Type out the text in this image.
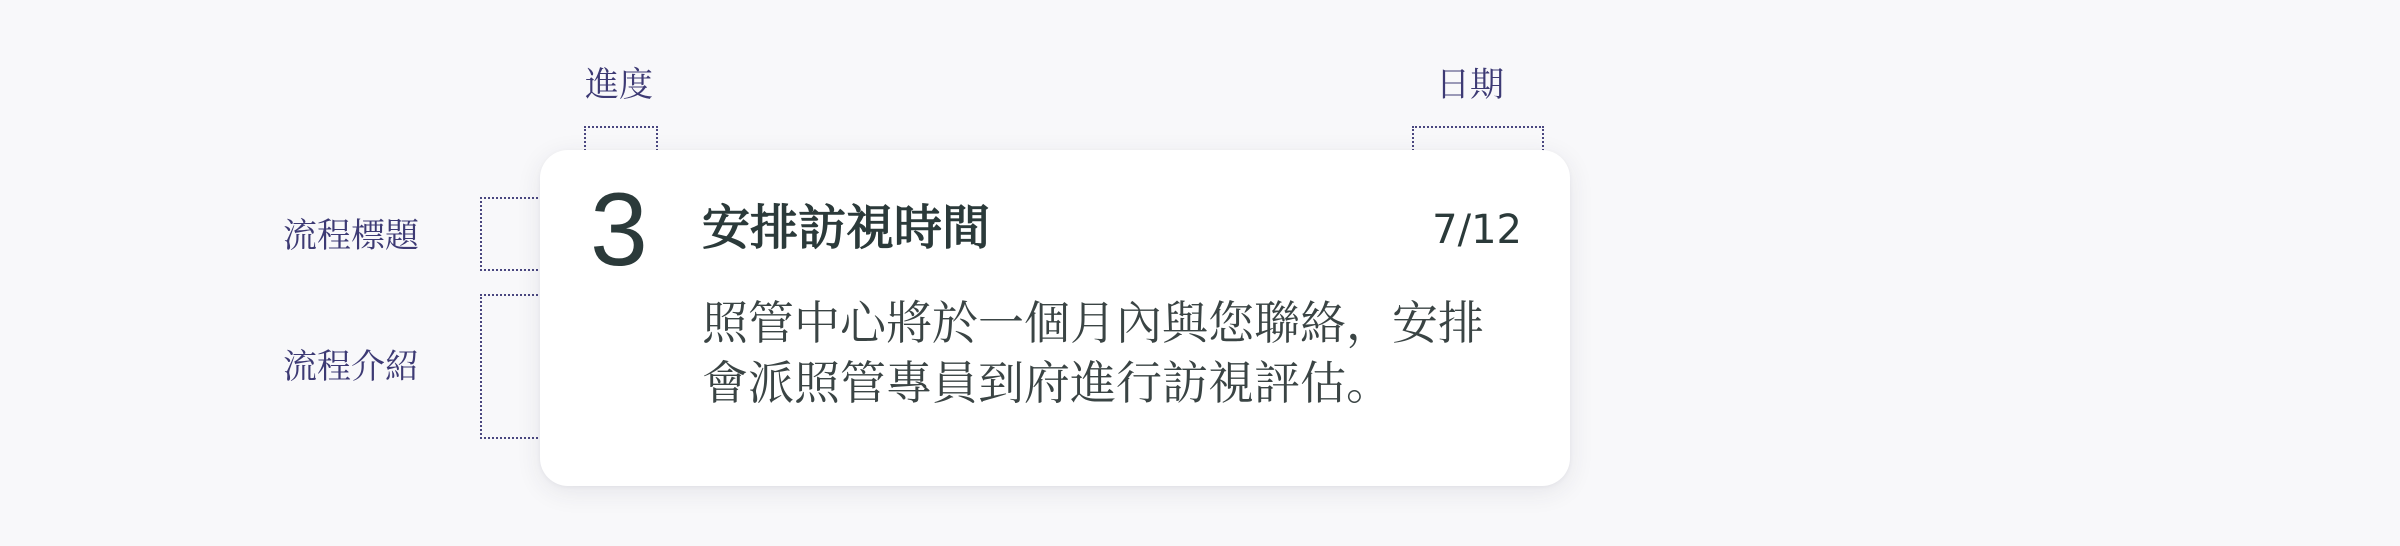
進度	日期
流程標題
流程介紹
3 安排訪視時間	7/12

照管中心將於一個月內與您聯絡，安排
會派照管專員到府進行訪視評估。
